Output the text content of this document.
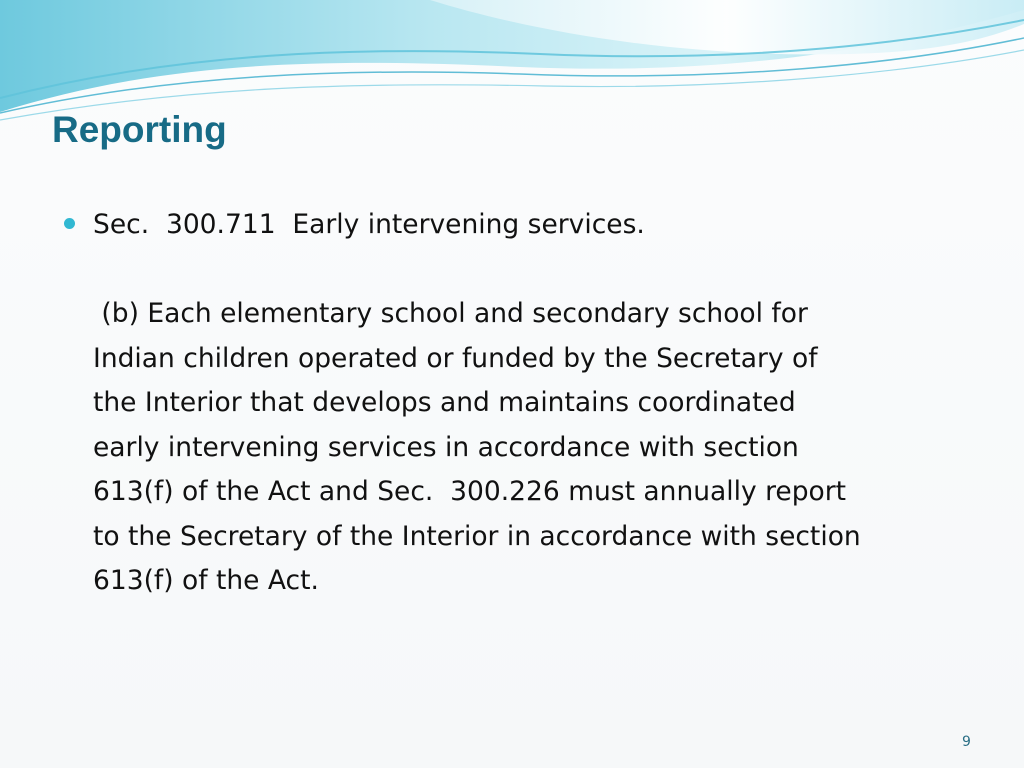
Reporting

Sec.  300.711  Early intervening services.

(b) Each elementary school and secondary school for
Indian children operated or funded by the Secretary of
the Interior that develops and maintains coordinated
early intervening services in accordance with section
613(f) of the Act and Sec.  300.226 must annually report
to the Secretary of the Interior in accordance with section
613(f) of the Act.

9
